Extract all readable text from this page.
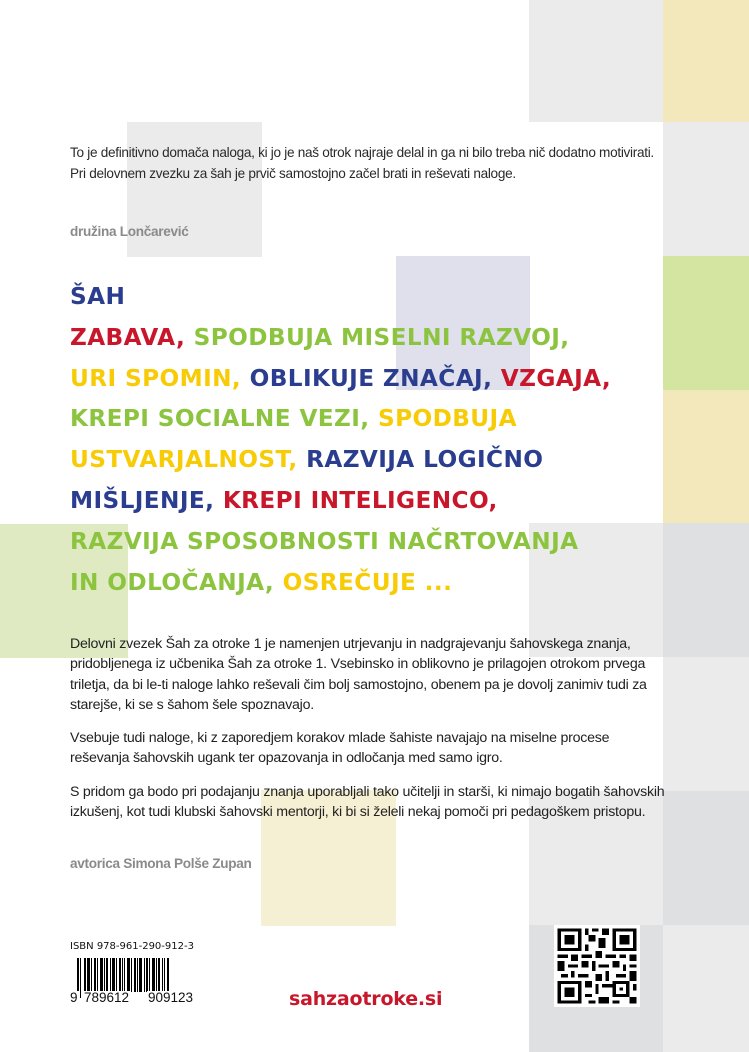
To je definitivno domača naloga, ki jo je naš otrok najraje delal in ga ni bilo treba nič dodatno motivirati. Pri delovnem zvezku za šah je prvič samostojno začel brati in reševati naloge.

družina Lončarević
ŠAH
ZABAVA, SPODBUJA MISELNI RAZVOJ,
URI SPOMIN, OBLIKUJE ZNAČAJ, VZGAJA,
KREPI SOCIALNE VEZI, SPODBUJA
USTVARJALNOST, RAZVIJA LOGIČNO
MIŠLJENJE, KREPI INTELIGENCO,
RAZVIJA SPOSOBNOSTI NAČRTOVANJA
IN ODLOČANJA, OSREČUJE ...

Delovni zvezek Šah za otroke 1 je namenjen utrjevanju in nadgrajevanju šahovskega znanja, pridobljenega iz učbenika Šah za otroke 1. Vsebinsko in oblikovno je prilagojen otrokom prvega triletja, da bi le-ti naloge lahko reševali čim bolj samostojno, obenem pa je dovolj zanimiv tudi za starejše, ki se s šahom šele spoznavajo.

Vsebuje tudi naloge, ki z zaporedjem korakov mlade šahiste navajajo na miselne procese reševanja šahovskih ugank ter opazovanja in odločanja med samo igro.

S pridom ga bodo pri podajanju znanja uporabljali tako učitelji in starši, ki nimajo bogatih šahovskih izkušenj, kot tudi klubski šahovski mentorji, ki bi si želeli nekaj pomoči pri pedagoškem pristopu.

avtorica Simona Polše Zupan
ISBN 978-961-290-912-3
9 789612 909123	sahzaotroke.si
